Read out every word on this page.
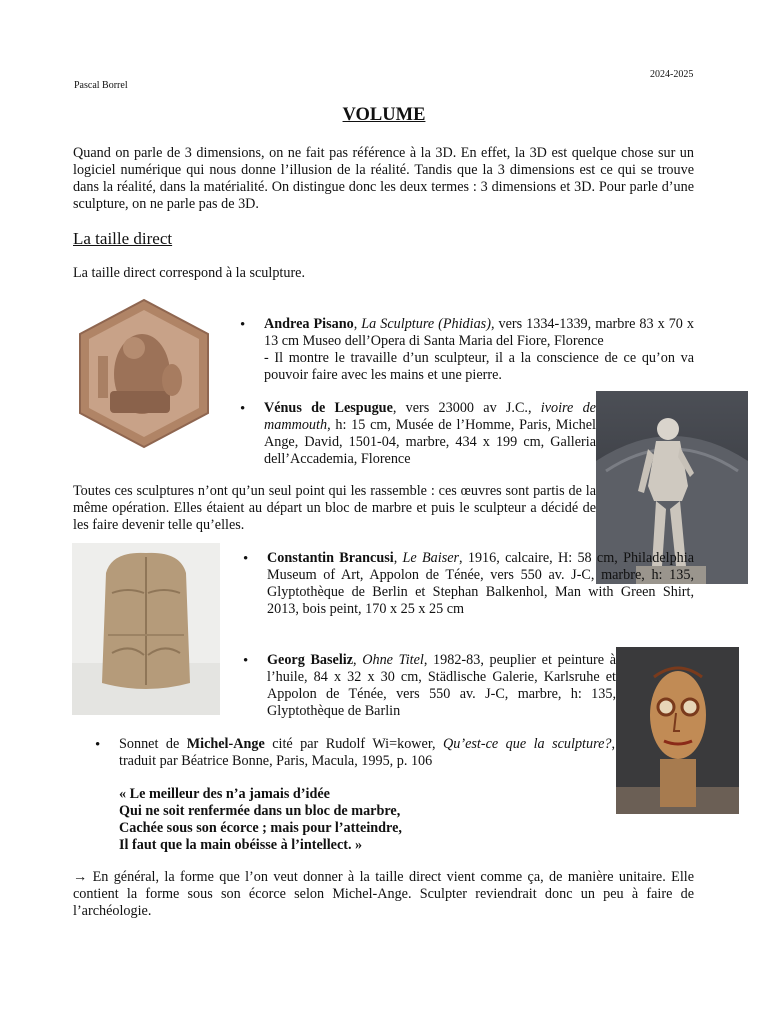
2024-2025
Pascal Borrel
VOLUME

Quand on parle de 3 dimensions, on ne fait pas référence à la 3D. En effet, la 3D est quelque chose sur un logiciel numérique qui nous donne l’illusion de la réalité. Tandis que la 3 dimensions est ce qui se trouve dans la réalité, dans la matérialité. On distingue donc les deux termes : 3 dimensions et 3D. Pour parle d’une sculpture, on ne parle pas de 3D.

La taille direct

La taille direct correspond à la sculpture.

• Andrea Pisano, La Sculpture (Phidias), vers 1334-1339, marbre 83 x 70 x 13 cm Museo dell’Opera di Santa Maria del Fiore, Florence
- Il montre le travaille d’un sculpteur, il a la conscience de ce qu’on va pouvoir faire avec les mains et une pierre.

• Vénus de Lespugue, vers 23000 av J.C., ivoire de mammouth, h: 15 cm, Musée de l’Homme, Paris, Michel Ange, David, 1501-04, marbre, 434 x 199 cm, Galleria dell’Accademia, Florence

Toutes ces sculptures n’ont qu’un seul point qui les rassemble : ces œuvres sont partis de la même opération. Elles étaient au départ un bloc de marbre et puis le sculpteur a décidé de les faire devenir telle qu’elles.

• Constantin Brancusi, Le Baiser, 1916, calcaire, H: 58 cm, Philadelphia Museum of Art, Appolon de Ténée, vers 550 av. J-C, marbre, h: 135, Glyptothèque de Berlin et Stephan Balkenhol, Man with Green Shirt, 2013, bois peint, 170 x 25 x 25 cm

• Georg Baseliz, Ohne Titel, 1982-83, peuplier et peinture à l’huile, 84 x 32 x 30 cm, Städlische Galerie, Karlsruhe et Appolon de Ténée, vers 550 av. J-C, marbre, h: 135, Glyptothèque de Barlin

• Sonnet de Michel-Ange cité par Rudolf Wi=kower, Qu’est-ce que la sculpture?, traduit par Béatrice Bonne, Paris, Macula, 1995, p. 106

« Le meilleur des n’a jamais d’idée

Qui ne soit renfermée dans un bloc de marbre,

Cachée sous son écorce ; mais pour l’atteindre,

Il faut que la main obéisse à l’intellect. »

→ En général, la forme que l’on veut donner à la taille direct vient comme ça, de manière unitaire. Elle contient la forme sous son écorce selon Michel-Ange. Sculpter reviendrait donc un peu à faire de l’archéologie.
